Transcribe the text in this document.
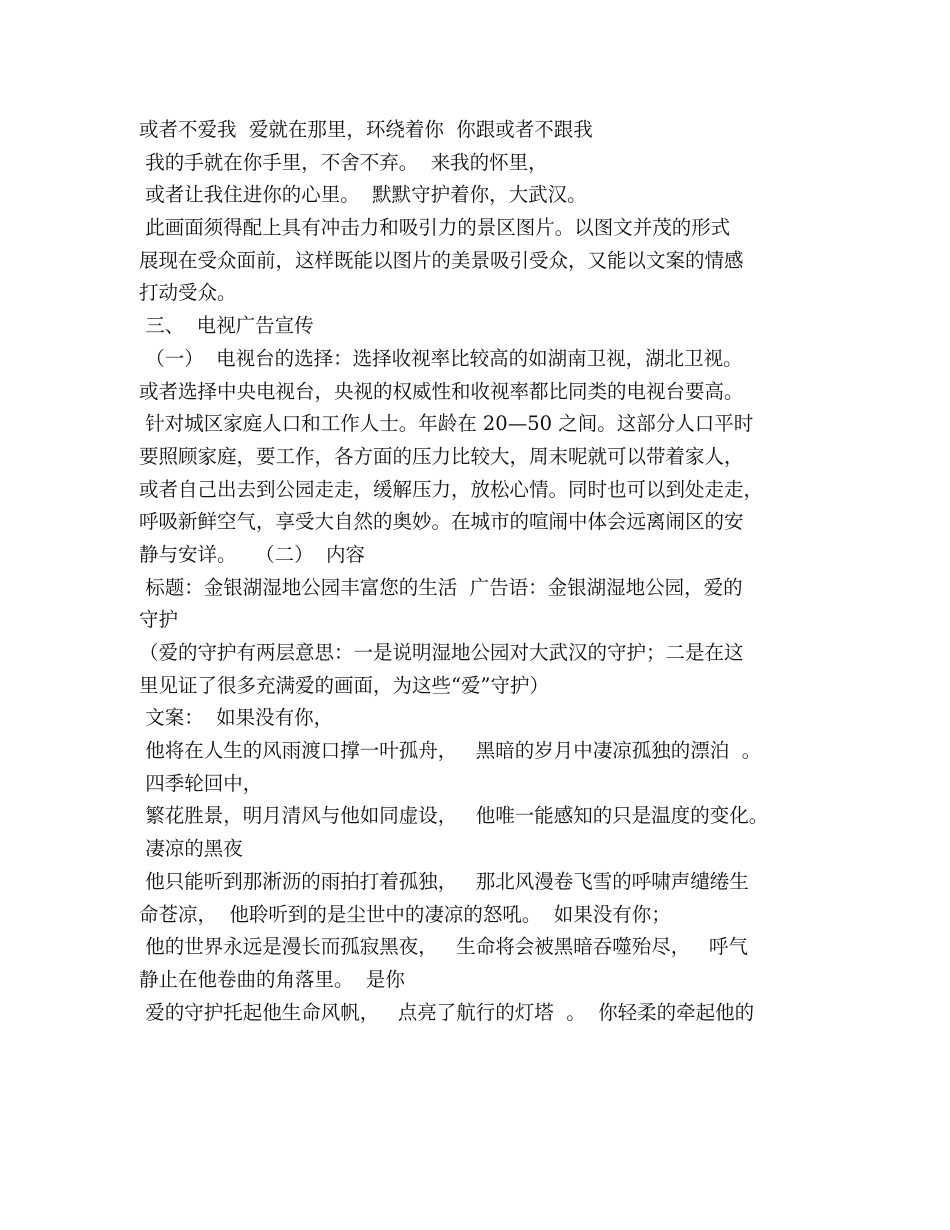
或者不爱我  爱就在那里，环绕着你  你跟或者不跟我
我的手就在你手里，不舍不弃。  来我的怀里，
或者让我住进你的心里。  默默守护着你，大武汉。
此画面须得配上具有冲击力和吸引力的景区图片。以图文并茂的形式
展现在受众面前，这样既能以图片的美景吸引受众，又能以文案的情感
打动受众。
三、  电视广告宣传
（一）  电视台的选择：选择收视率比较高的如湖南卫视，湖北卫视。
或者选择中央电视台，央视的权威性和收视率都比同类的电视台要高。
针对城区家庭人口和工作人士。年龄在 20—50 之间。这部分人口平时
要照顾家庭，要工作，各方面的压力比较大，周末呢就可以带着家人，
或者自己出去到公园走走，缓解压力，放松心情。同时也可以到处走走，
呼吸新鲜空气，享受大自然的奥妙。在城市的喧闹中体会远离闹区的安
静与安详。   （二）  内容
标题：金银湖湿地公园丰富您的生活  广告语：金银湖湿地公园，爱的
守护
（爱的守护有两层意思：一是说明湿地公园对大武汉的守护；二是在这
里见证了很多充满爱的画面，为这些“爱”守护）
文案：  如果没有你，
他将在人生的风雨渡口撑一叶孤舟，   黑暗的岁月中凄凉孤独的漂泊  。
四季轮回中，
繁花胜景，明月清风与他如同虚设，   他唯一能感知的只是温度的变化。
凄凉的黑夜
他只能听到那淅沥的雨拍打着孤独，   那北风漫卷飞雪的呼啸声缱绻生
命苍凉，  他聆听到的是尘世中的凄凉的怒吼。  如果没有你；
他的世界永远是漫长而孤寂黑夜，   生命将会被黑暗吞噬殆尽，   呼气
静止在他卷曲的角落里。  是你
爱的守护托起他生命风帆，   点亮了航行的灯塔  。  你轻柔的牵起他的
